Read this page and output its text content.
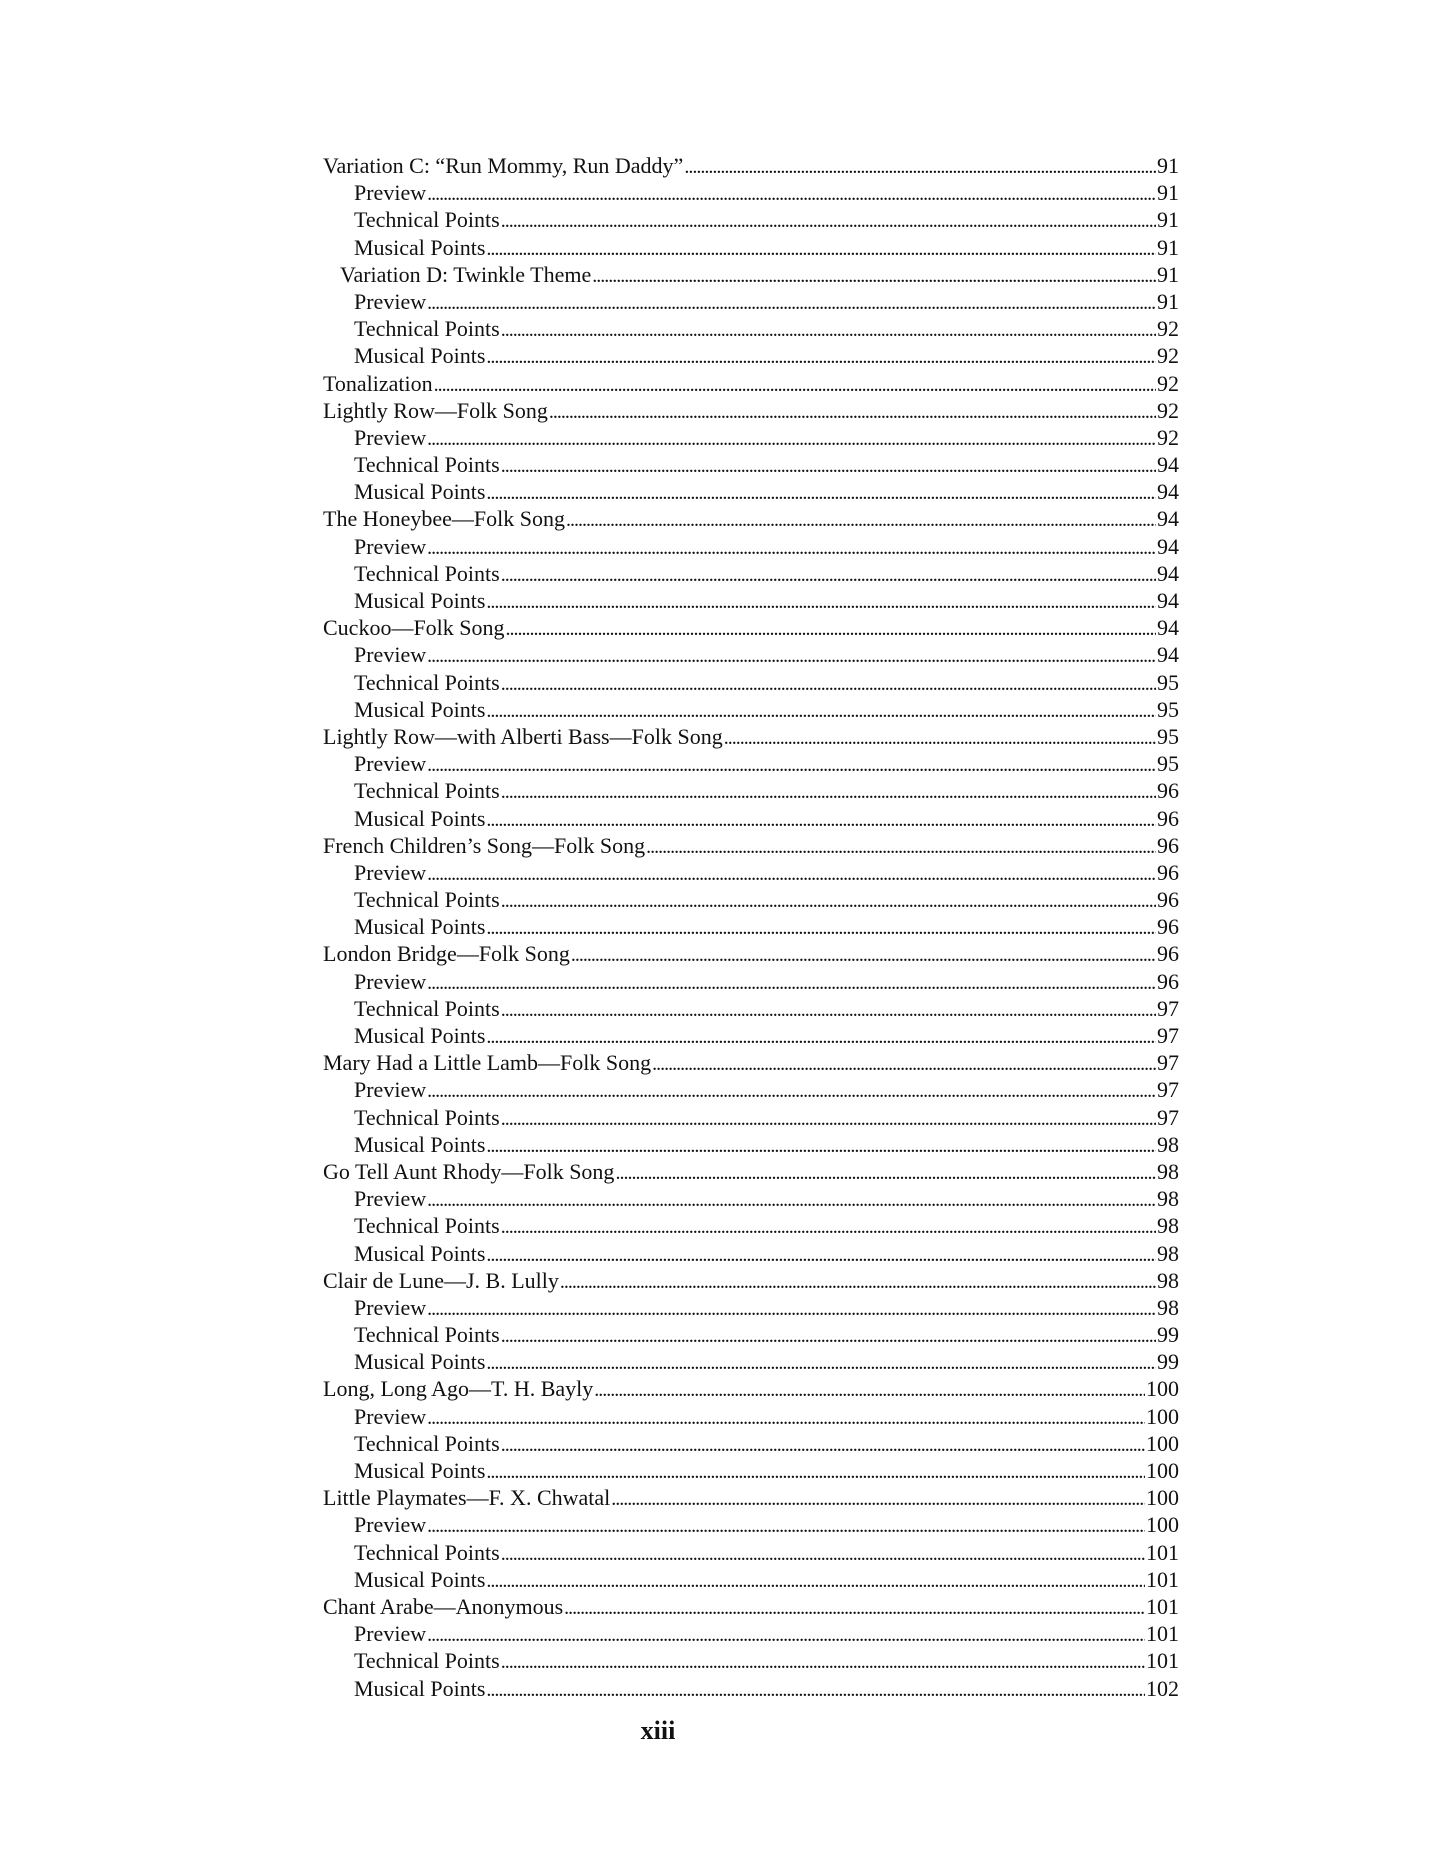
Variation C: “Run Mommy, Run Daddy” . . .	91
Preview . . .	91
Technical Points . . .	91
Musical Points . . .	91
Variation D: Twinkle Theme . . .	91
Preview . . .	91
Technical Points . . .	92
Musical Points . . .	92
Tonalization . . .	92
Lightly Row—Folk Song . . .	92
Preview . . .	92
Technical Points . . .	94
Musical Points . . .	94
The Honeybee—Folk Song . . .	94
Preview . . .	94
Technical Points . . .	94
Musical Points . . .	94
Cuckoo—Folk Song . . .	94
Preview . . .	94
Technical Points . . .	95
Musical Points . . .	95
Lightly Row—with Alberti Bass—Folk Song . . .	95
Preview . . .	95
Technical Points . . .	96
Musical Points . . .	96
French Children’s Song—Folk Song . . .	96
Preview . . .	96
Technical Points . . .	96
Musical Points . . .	96
London Bridge—Folk Song . . .	96
Preview . . .	96
Technical Points . . .	97
Musical Points . . .	97
Mary Had a Little Lamb—Folk Song . . .	97
Preview . . .	97
Technical Points . . .	97
Musical Points . . .	98
Go Tell Aunt Rhody—Folk Song . . .	98
Preview . . .	98
Technical Points . . .	98
Musical Points . . .	98
Clair de Lune—J. B. Lully . . .	98
Preview . . .	98
Technical Points . . .	99
Musical Points . . .	99
Long, Long Ago—T. H. Bayly . . .	100
Preview . . .	100
Technical Points . . .	100
Musical Points . . .	100
Little Playmates—F. X. Chwatal . . .	100
Preview . . .	100
Technical Points . . .	101
Musical Points . . .	101
Chant Arabe—Anonymous . . .	101
Preview . . .	101
Technical Points . . .	101
Musical Points . . .	102
xiii
